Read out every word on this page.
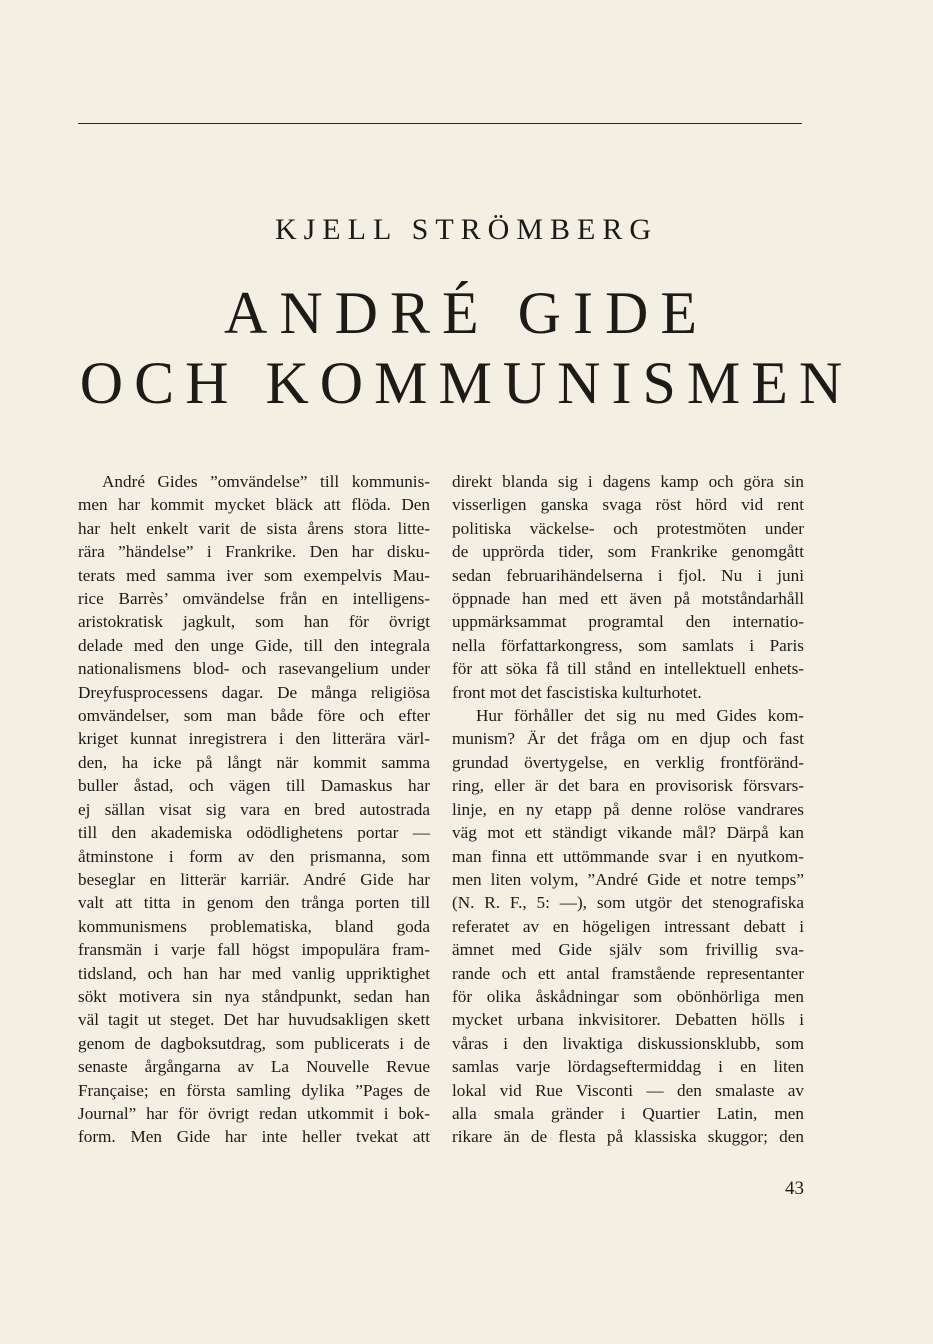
KJELL STRÖMBERG
ANDRÉ GIDE
OCH KOMMUNISMEN

André Gides ”omvändelse” till kommunis-
men har kommit mycket bläck att flöda. Den
har helt enkelt varit de sista årens stora litte-
rära ”händelse” i Frankrike. Den har disku-
terats med samma iver som exempelvis Mau-
rice Barrès’ omvändelse från en intelligens-
aristokratisk jagkult, som han för övrigt
delade med den unge Gide, till den integrala
nationalismens blod- och rasevangelium under
Dreyfusprocessens dagar. De många religiösa
omvändelser, som man både före och efter
kriget kunnat inregistrera i den litterära värl-
den, ha icke på långt när kommit samma
buller åstad, och vägen till Damaskus har
ej sällan visat sig vara en bred autostrada
till den akademiska odödlighetens portar —
åtminstone i form av den prismanna, som
beseglar en litterär karriär. André Gide har
valt att titta in genom den trånga porten till
kommunismens problematiska, bland goda
fransmän i varje fall högst impopulära fram-
tidsland, och han har med vanlig uppriktighet
sökt motivera sin nya ståndpunkt, sedan han
väl tagit ut steget. Det har huvudsakligen skett
genom de dagboksutdrag, som publicerats i de
senaste årgångarna av La Nouvelle Revue
Française; en första samling dylika ”Pages de
Journal” har för övrigt redan utkommit i bok-
form. Men Gide har inte heller tvekat att

direkt blanda sig i dagens kamp och göra sin
visserligen ganska svaga röst hörd vid rent
politiska väckelse- och protestmöten under
de upprörda tider, som Frankrike genomgått
sedan februarihändelserna i fjol. Nu i juni
öppnade han med ett även på motståndarhåll
uppmärksammat programtal den internatio-
nella författarkongress, som samlats i Paris
för att söka få till stånd en intellektuell enhets-
front mot det fascistiska kulturhotet.

Hur förhåller det sig nu med Gides kom-
munism? Är det fråga om en djup och fast
grundad övertygelse, en verklig frontföränd-
ring, eller är det bara en provisorisk försvars-
linje, en ny etapp på denne rolöse vandrares
väg mot ett ständigt vikande mål? Därpå kan
man finna ett uttömmande svar i en nyutkom-
men liten volym, ”André Gide et notre temps”
(N. R. F., 5: —), som utgör det stenografiska
referatet av en högeligen intressant debatt i
ämnet med Gide själv som frivillig sva-
rande och ett antal framstående representanter
för olika åskådningar som obönhörliga men
mycket urbana inkvisitorer. Debatten hölls i
våras i den livaktiga diskussionsklubb, som
samlas varje lördagseftermiddag i en liten
lokal vid Rue Visconti — den smalaste av
alla smala gränder i Quartier Latin, men
rikare än de flesta på klassiska skuggor; den

43
